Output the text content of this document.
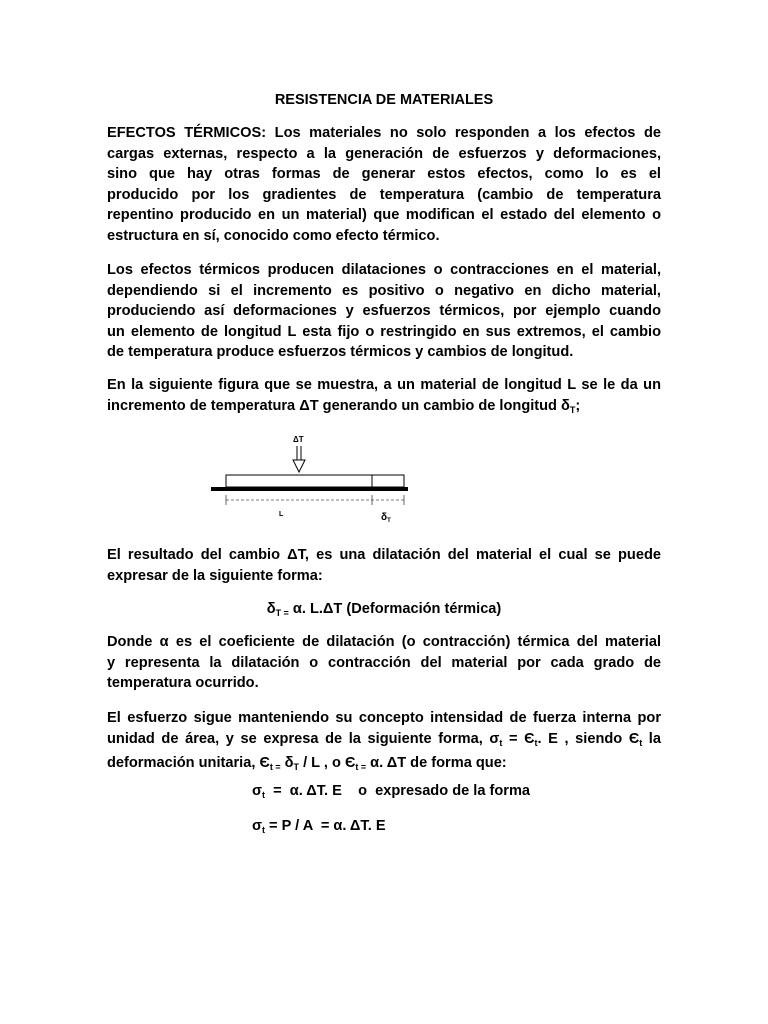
RESISTENCIA DE MATERIALES

EFECTOS TÉRMICOS: Los materiales no solo responden a los efectos de
cargas externas, respecto a la generación de esfuerzos y deformaciones,
sino que hay otras formas de generar estos efectos, como lo es el
producido por los gradientes de temperatura (cambio de temperatura
repentino producido en un material) que modifican el estado del elemento o
estructura en sí, conocido como efecto térmico.

Los efectos térmicos producen dilataciones o contracciones en el material,
dependiendo si el incremento es positivo o negativo en dicho material,
produciendo así deformaciones y esfuerzos térmicos, por ejemplo cuando
un elemento de longitud L esta fijo o restringido en sus extremos, el cambio
de temperatura produce esfuerzos térmicos y cambios de longitud.

En la siguiente figura que se muestra, a un material de longitud L se le da un
incremento de temperatura ΔT generando un cambio de longitud $\delta_T$;

ΔT
L	$\delta_T$

El resultado del cambio ΔT, es una dilatación del material el cual se puede
expresar de la siguiente forma:

$\delta_{T =}$ α. L.ΔT (Deformación térmica)

Donde α es el coeficiente de dilatación (o contracción) térmica del material
y representa la dilatación o contracción del material por cada grado de
temperatura ocurrido.

El esfuerzo sigue manteniendo su concepto intensidad de fuerza interna por
unidad de área, y se expresa de la siguiente forma, $\sigma_t = Є_t$. E , siendo $Є_t$ la
deformación unitaria, $Є_{t =}$ $\delta_T$ / L , o $Є_{t =}$ α. ΔT de forma que:

$\sigma_t = \alpha$. ΔT. E    o  expresado de la forma
$\sigma_t = P / A = \alpha$. ΔT. E
